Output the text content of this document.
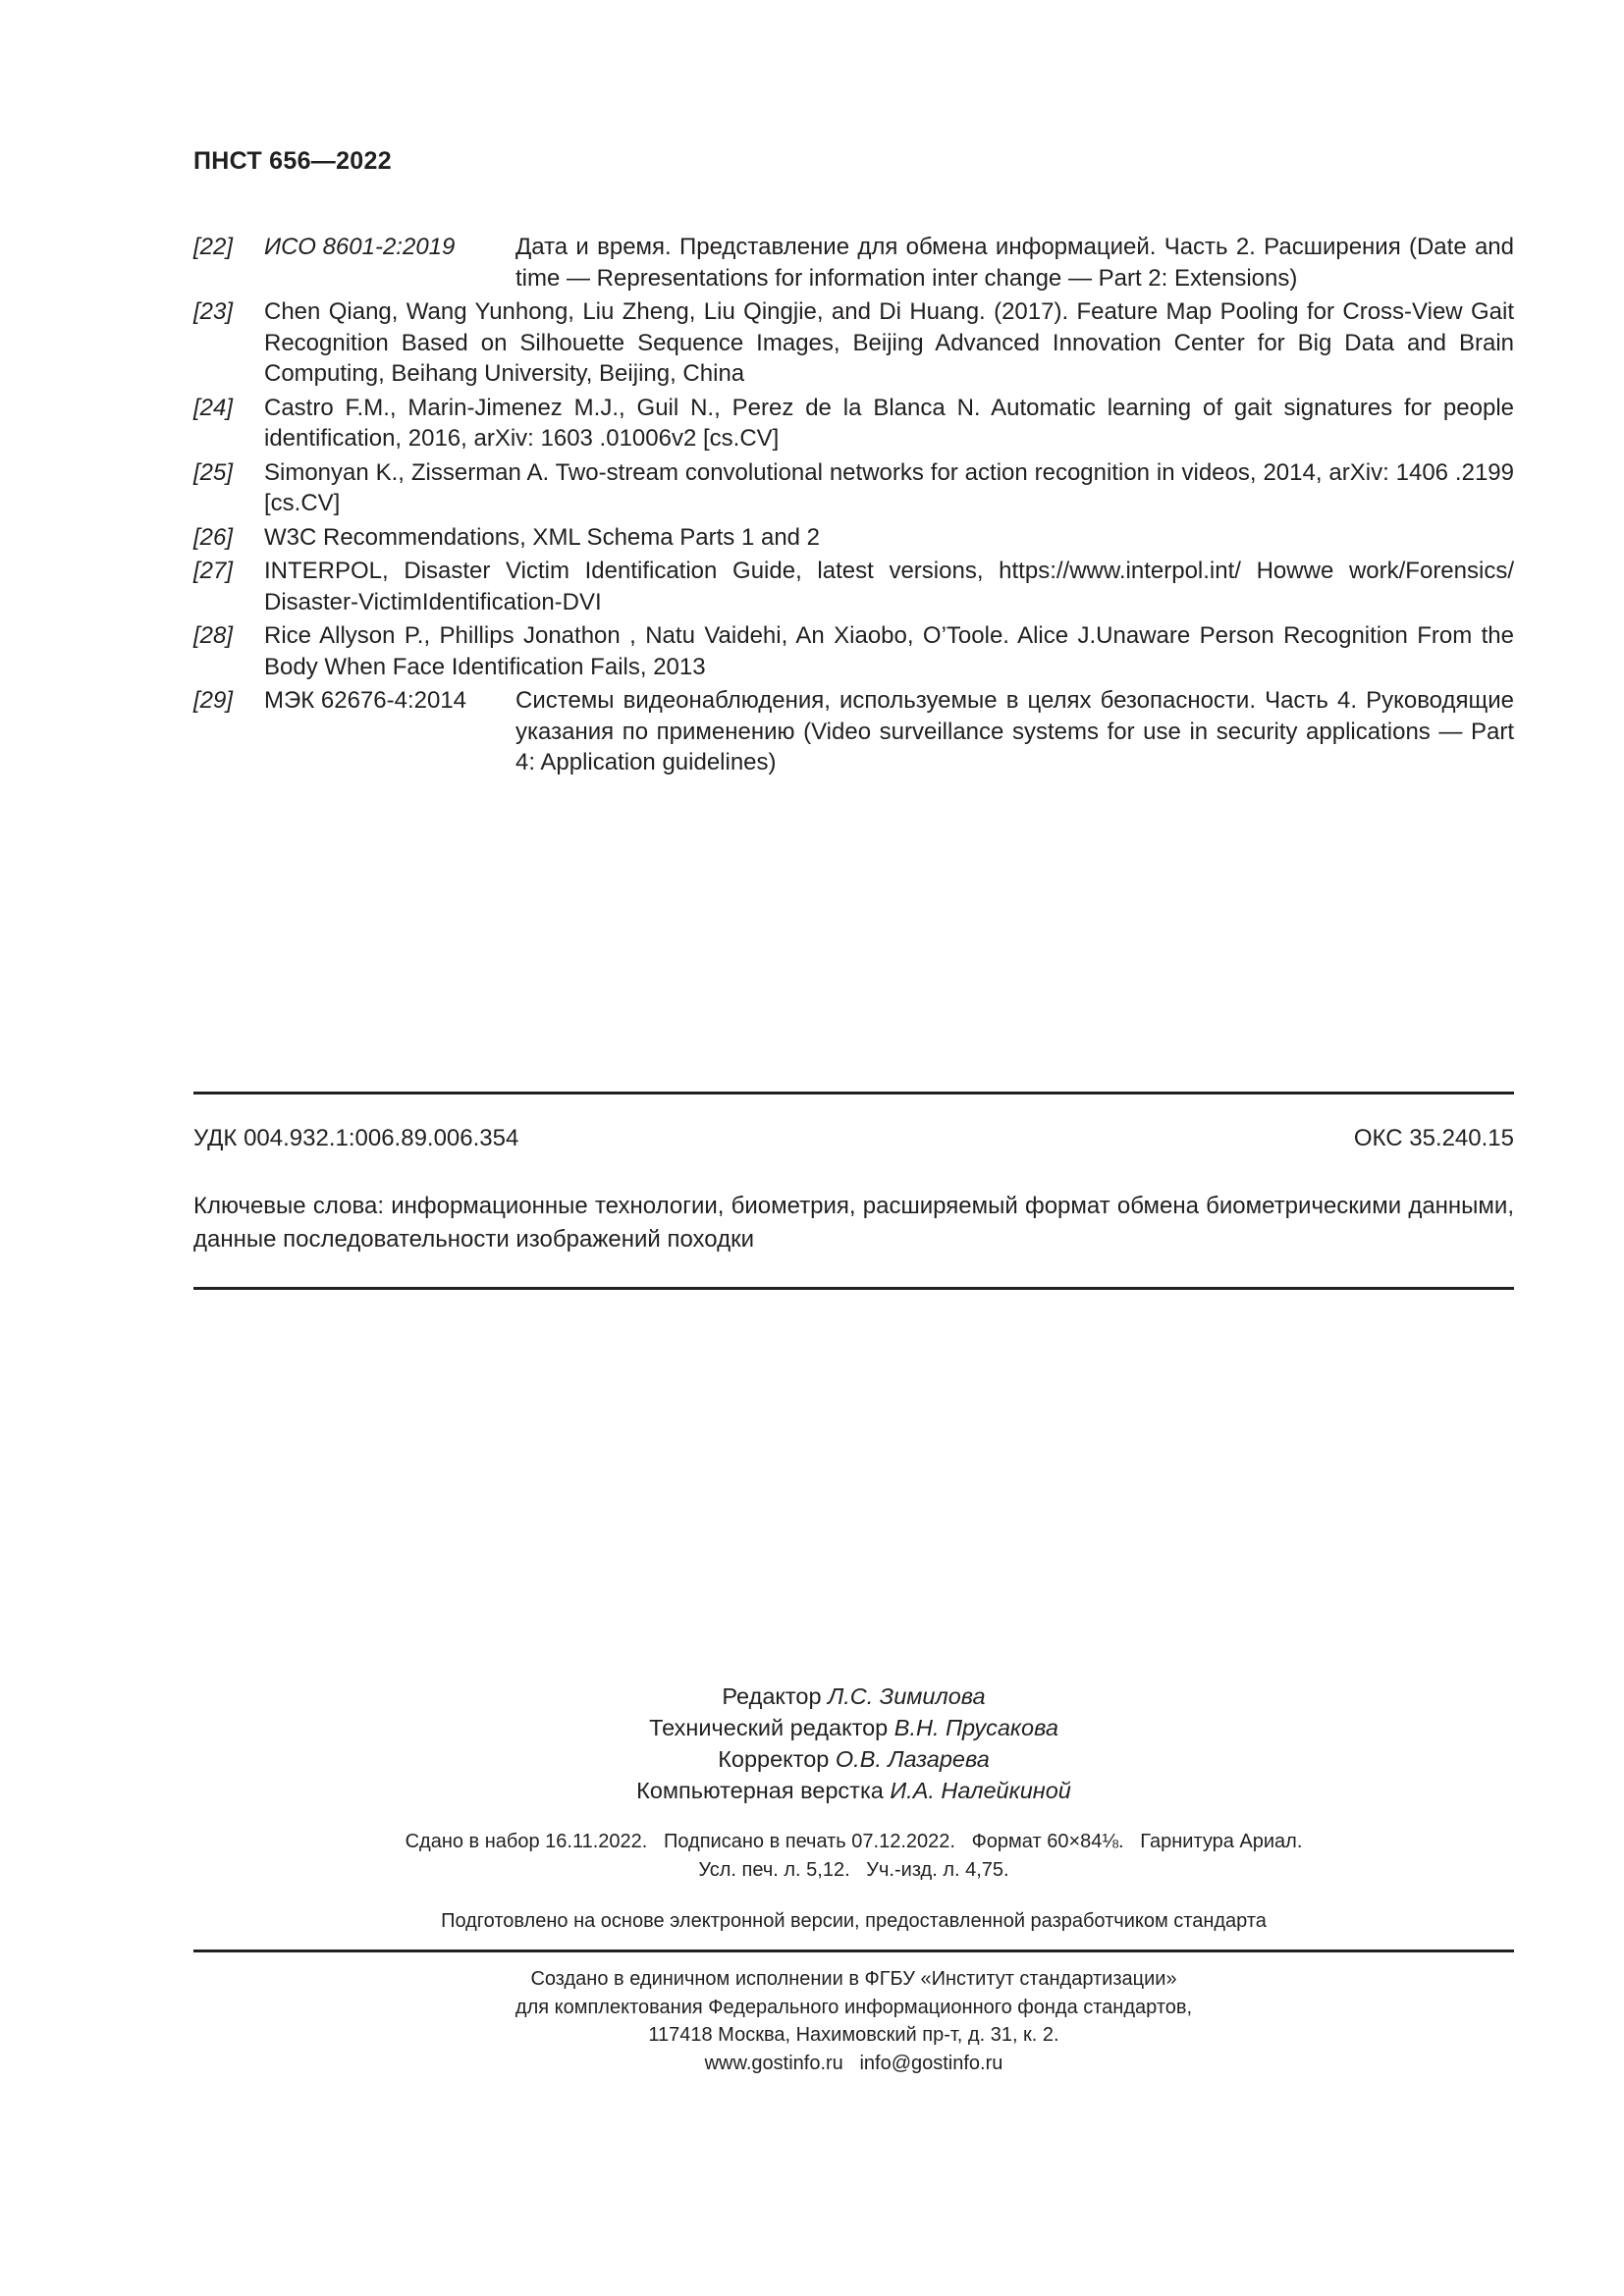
ПНСТ 656—2022
[22]	ИСО 8601-2:2019	Дата и время. Представление для обмена информацией. Часть 2. Расширения (Date and time — Representations for information inter change — Part 2: Extensions)
[23]	Chen Qiang, Wang Yunhong, Liu Zheng, Liu Qingjie, and Di Huang. (2017). Feature Map Pooling for Cross-View Gait Recognition Based on Silhouette Sequence Images, Beijing Advanced Innovation Center for Big Data and Brain Computing, Beihang University, Beijing, China
[24]	Castro F.M., Marin-Jimenez M.J., Guil N., Perez de la Blanca N. Automatic learning of gait signatures for people identification, 2016, arXiv: 1603 .01006v2 [cs.CV]
[25]	Simonyan K., Zisserman A. Two-stream convolutional networks for action recognition in videos, 2014, arXiv: 1406 .2199 [cs.CV]
[26]	W3C Recommendations, XML Schema Parts 1 and 2
[27]	INTERPOL, Disaster Victim Identification Guide, latest versions, https://www.interpol.int/ Howwe work/Forensics/ Disaster-VictimIdentification-DVI
[28]	Rice Allyson P., Phillips Jonathon , Natu Vaidehi, An Xiaobo, O’Toole. Alice J.Unaware Person Recognition From the Body When Face Identification Fails, 2013
[29]	МЭК 62676-4:2014	Системы видеонаблюдения, используемые в целях безопасности. Часть 4. Руководящие указания по применению (Video surveillance systems for use in security applications — Part 4: Application guidelines)
УДК 004.932.1:006.89.006.354	ОКС 35.240.15
Ключевые слова: информационные технологии, биометрия, расширяемый формат обмена биометрическими данными, данные последовательности изображений походки
Редактор Л.С. Зимилова
Технический редактор В.Н. Прусакова
Корректор О.В. Лазарева
Компьютерная верстка И.А. Налейкиной
Сдано в набор 16.11.2022.   Подписано в печать 07.12.2022.   Формат 60×84⅛.   Гарнитура Ариал.
Усл. печ. л. 5,12.   Уч.-изд. л. 4,75.
Подготовлено на основе электронной версии, предоставленной разработчиком стандарта
Создано в единичном исполнении в ФГБУ «Институт стандартизации»
для комплектования Федерального информационного фонда стандартов,
117418 Москва, Нахимовский пр-т, д. 31, к. 2.
www.gostinfo.ru   info@gostinfo.ru
